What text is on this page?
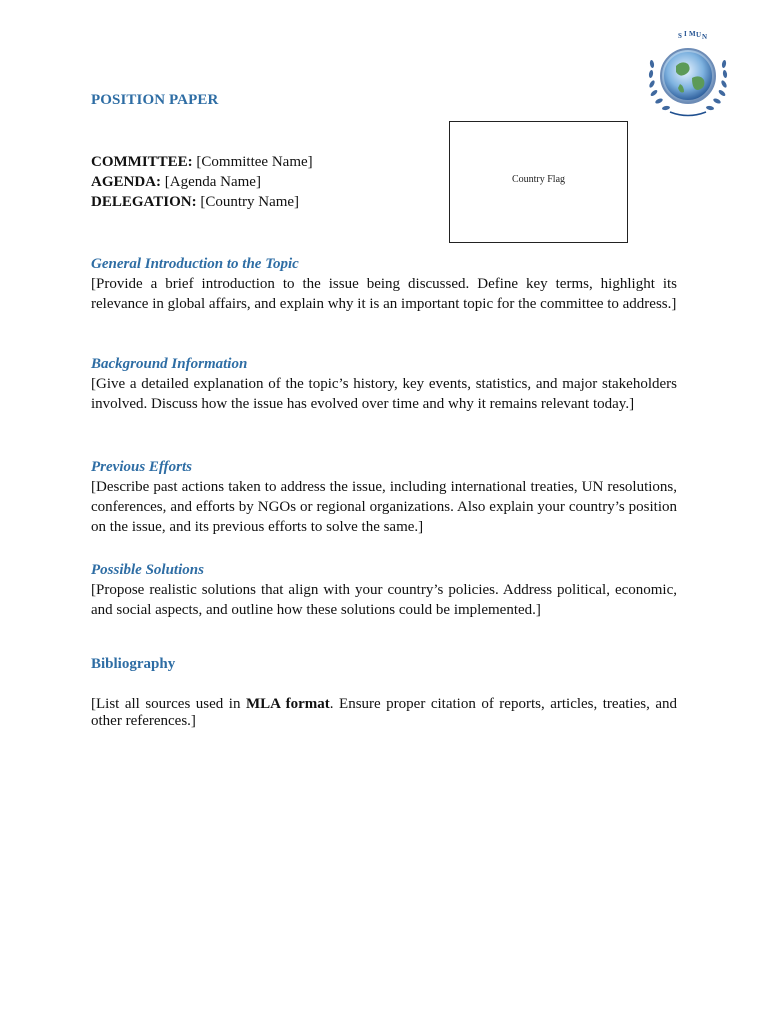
S I M U N
POSITION PAPER
COMMITTEE: [Committee Name]
AGENDA: [Agenda Name]
DELEGATION: [Country Name]
Country Flag
General Introduction to the Topic

[Provide a brief introduction to the issue being discussed. Define key terms, highlight its relevance in global affairs, and explain why it is an important topic for the committee to address.]

Background Information

[Give a detailed explanation of the topic’s history, key events, statistics, and major stakeholders involved. Discuss how the issue has evolved over time and why it remains relevant today.]

Previous Efforts

[Describe past actions taken to address the issue, including international treaties, UN resolutions, conferences, and efforts by NGOs or regional organizations. Also explain your country’s position on the issue, and its previous efforts to solve the same.]

Possible Solutions

[Propose realistic solutions that align with your country’s policies. Address political, economic, and social aspects, and outline how these solutions could be implemented.]

Bibliography

[List all sources used in MLA format. Ensure proper citation of reports, articles, treaties, and other references.]
